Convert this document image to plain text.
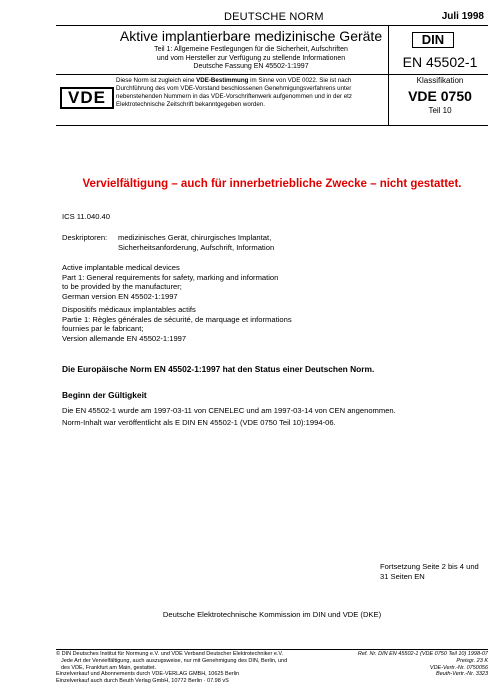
DEUTSCHE NORM	Juli 1998
Aktive implantierbare medizinische Geräte
Teil 1: Allgemeine Festlegungen für die Sicherheit, Aufschriften
und vom Hersteller zur Verfügung zu stellende Informationen
Deutsche Fassung EN 45502-1:1997
DIN
EN 45502-1
VDE
Diese Norm ist zugleich eine VDE-Bestimmung im Sinne von VDE 0022. Sie ist nach
Durchführung des vom VDE-Vorstand beschlossenen Genehmigungsverfahrens unter
nebenstehenden Nummern in das VDE-Vorschriftenwerk aufgenommen und in der etz
Elektrotechnische Zeitschrift bekanntgegeben worden.
Klassifikation
VDE 0750
Teil 10
Vervielfältigung – auch für innerbetriebliche Zwecke – nicht gestattet.
ICS 11.040.40
Deskriptoren: medizinisches Gerät, chirurgisches Implantat,
Sicherheitsanforderung, Aufschrift, Information
Active implantable medical devices
Part 1: General requirements for safety, marking and information
to be provided by the manufacturer;
German version EN 45502-1:1997
Dispositifs médicaux implantables actifs
Partie 1: Règles générales de sécurité, de marquage et informations
fournies par le fabricant;
Version allemande EN 45502-1:1997
Die Europäische Norm EN 45502-1:1997 hat den Status einer Deutschen Norm.
Beginn der Gültigkeit
Die EN 45502-1 wurde am 1997-03-11 von CENELEC und am 1997-03-14 von CEN angenommen.
Norm-Inhalt war veröffentlicht als E DIN EN 45502-1 (VDE 0750 Teil 10):1994-06.
Fortsetzung Seite 2 bis 4 und
31 Seiten EN
Deutsche Elektrotechnische Kommission im DIN und VDE (DKE)
© DIN Deutsches Institut für Normung e.V. und VDE Verband Deutscher Elektrotechniker e.V.
Jede Art der Vervielfältigung, auch auszugsweise, nur mit Genehmigung des DIN, Berlin, und
des VDE, Frankfurt am Main, gestattet.
Einzelverkauf und Abonnements durch VDE-VERLAG GMBH, 10625 Berlin
Einzelverkauf auch durch Beuth Verlag GmbH, 10772 Berlin · 07.98 vS
Ref. Nr. DIN EN 45502-1 (VDE 0750 Teil 10) 1998-07
Preisgr. 23 K
VDE-Vertr.-Nr. 0750056
Beuth-Vertr.-Nr. 3323
